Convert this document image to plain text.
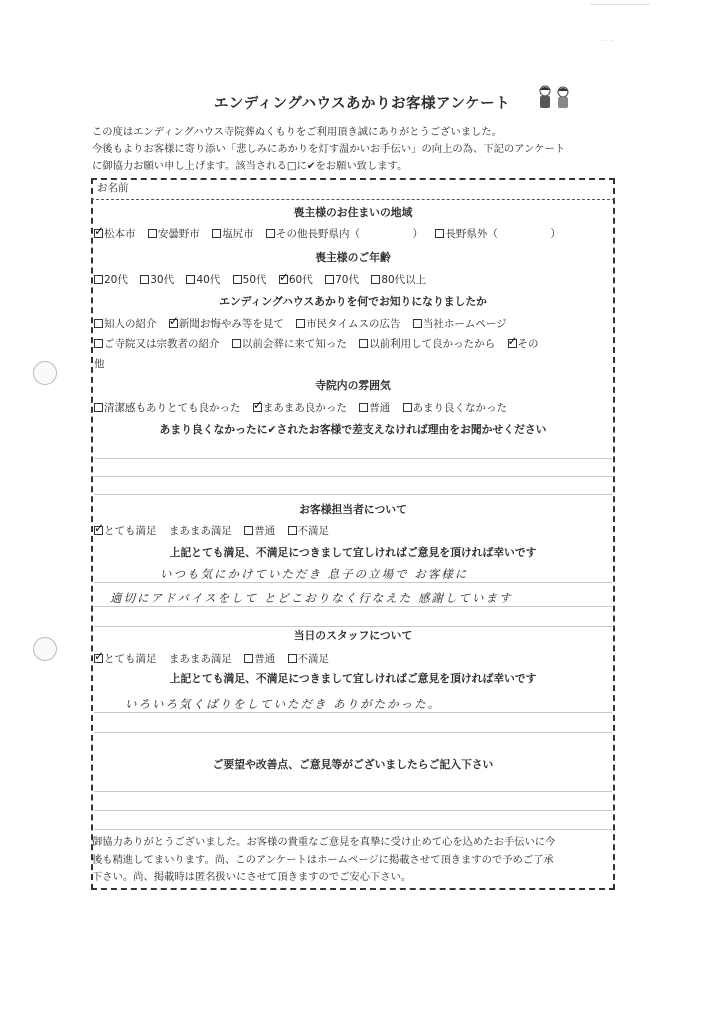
·· ·
エンディングハウスあかりお客様アンケート
この度はエンディングハウス寺院葬ぬくもりをご利用頂き誠にありがとうございました。
今後もよりお客様に寄り添い「悲しみにあかりを灯す温かいお手伝い」の向上の為、下記のアンケート
に御協力お願い申し上げます。該当される□に✔をお願い致します。
お名前
喪主様のお住まいの地域
✓松本市 安曇野市 塩尻市 その他長野県内（　　　　　） 長野県外（　　　　　）
喪主様のご年齢
20代 30代 40代 50代 ✓ 60代 70代 80代以上
エンディングハウスあかりを何でお知りになりましたか
知人の紹介 ✓ 新聞お悔やみ等を見て 市民タイムスの広告 当社ホームページ
ご寺院又は宗教者の紹介 以前会葬に来て知った 以前利用して良かったから ✓ その
他
寺院内の雰囲気
清潔感もありとても良かった ✓ まあまあ良かった 普通 あまり良くなかった
あまり良くなかったに✔されたお客様で差支えなければ理由をお聞かせください
お客様担当者について
✓とても満足 まあまあ満足 普通 不満足
上記とても満足、不満足につきまして宜しければご意見を頂ければ幸いです
いつも気にかけていただき 息子の立場で お客様に
適切にアドバイスをして とどこおりなく行なえた 感謝しています
当日のスタッフについて
✓とても満足 まあまあ満足 普通 不満足
上記とても満足、不満足につきまして宜しければご意見を頂ければ幸いです
いろいろ気くばりをしていただき ありがたかった。
ご要望や改善点、ご意見等がございましたらご記入下さい
御協力ありがとうございました。お客様の貴重なご意見を真摯に受け止めて心を込めたお手伝いに今
後も精進してまいります。尚、このアンケートはホームページに掲載させて頂きますので予めご了承
下さい。尚、掲載時は匿名扱いにさせて頂きますのでご安心下さい。
